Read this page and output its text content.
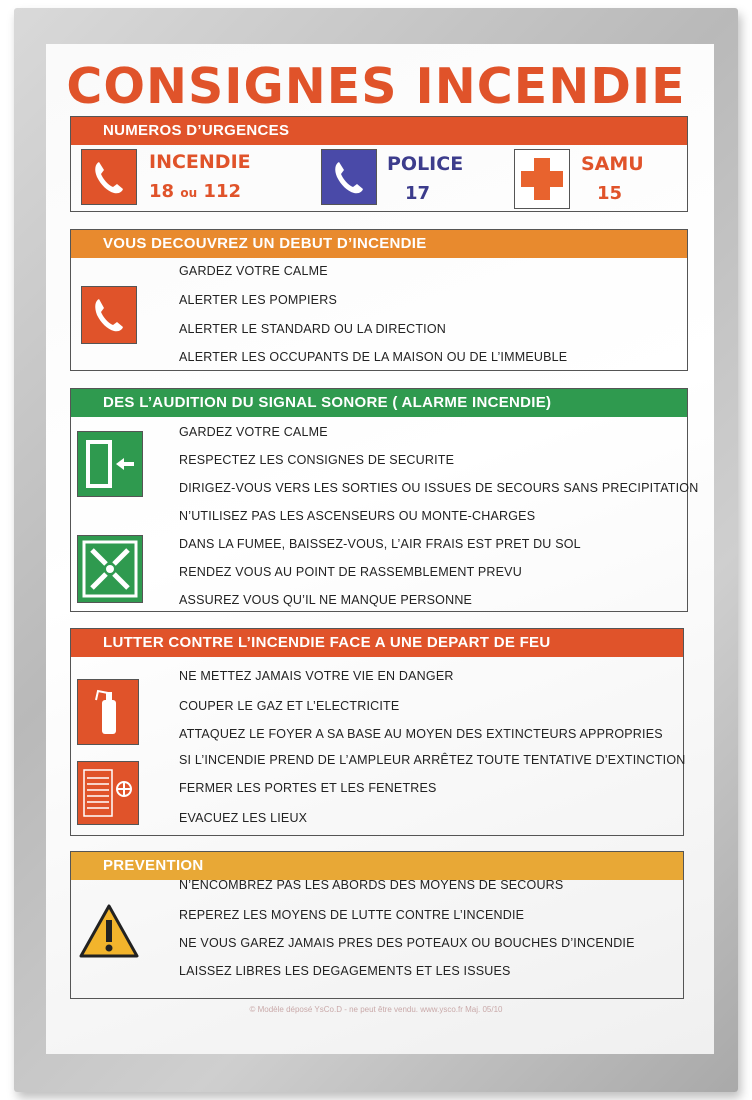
CONSIGNES INCENDIE
NUMEROS D’URGENCES
INCENDIE
18 ou 112
POLICE
17
SAMU
15
VOUS DECOUVREZ UN DEBUT D’INCENDIE
GARDEZ VOTRE CALME
ALERTER LES POMPIERS
ALERTER LE STANDARD OU LA DIRECTION
ALERTER LES OCCUPANTS DE LA MAISON OU DE L’IMMEUBLE
DES L’AUDITION DU SIGNAL SONORE ( ALARME INCENDIE)
GARDEZ VOTRE CALME
RESPECTEZ LES CONSIGNES DE SECURITE
DIRIGEZ-VOUS VERS LES SORTIES OU ISSUES DE SECOURS SANS PRECIPITATION
N’UTILISEZ PAS LES ASCENSEURS OU MONTE-CHARGES
DANS LA FUMEE, BAISSEZ-VOUS, L’AIR FRAIS EST PRET DU SOL
RENDEZ VOUS AU POINT DE RASSEMBLEMENT PREVU
ASSUREZ VOUS QU’IL NE MANQUE PERSONNE
LUTTER CONTRE L’INCENDIE FACE A UNE DEPART DE FEU
NE METTEZ JAMAIS VOTRE VIE EN DANGER
COUPER LE GAZ ET L’ELECTRICITE
ATTAQUEZ LE FOYER A SA BASE AU MOYEN DES EXTINCTEURS APPROPRIES
SI L’INCENDIE PREND DE L’AMPLEUR ARRÊTEZ TOUTE TENTATIVE D’EXTINCTION
FERMER LES PORTES ET LES FENETRES
EVACUEZ LES LIEUX
PREVENTION
N’ENCOMBREZ PAS LES ABORDS DES MOYENS DE SECOURS
REPEREZ LES MOYENS DE LUTTE CONTRE L’INCENDIE
NE VOUS GAREZ JAMAIS PRES DES POTEAUX OU BOUCHES D’INCENDIE
LAISSEZ LIBRES LES DEGAGEMENTS ET LES ISSUES
© Modèle déposé YsCo.D - ne peut être vendu. www.ysco.fr Maj. 05/10
